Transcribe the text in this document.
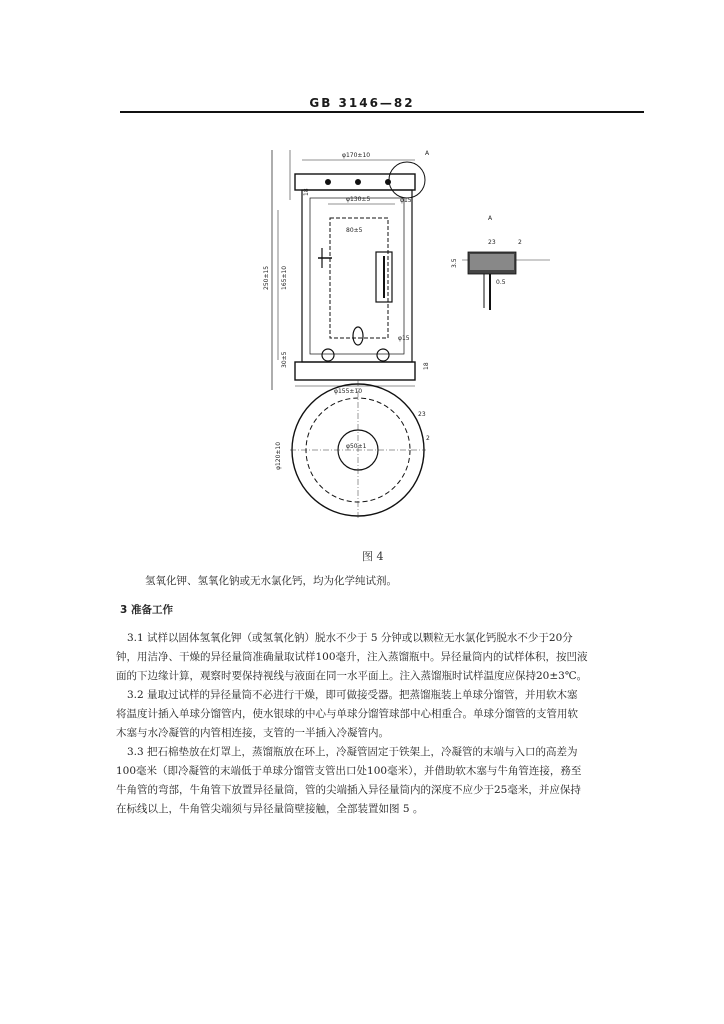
GB 3146—82
φ170±10	A
φ15
φ130±5
80±5
φ15
φ155±10
250±15 165±10
30±5
18
18
A
23	2
3.5
0.5
φ50±1
φ120±10
23
2
图 4
氢氧化钾、氢氧化钠或无水氯化钙，均为化学纯试剂。
3 准备工作
3.1 试样以固体氢氧化钾（或氢氧化钠）脱水不少于 5 分钟或以颗粒无水氯化钙脱水不少于20分
钟，用洁净、干燥的异径量筒准确量取试样100毫升，注入蒸馏瓶中。异径量筒内的试样体积，按凹液
面的下边缘计算，观察时要保持视线与液面在同一水平面上。注入蒸馏瓶时试样温度应保持20±3℃。
3.2 量取过试样的异径量筒不必进行干燥，即可做接受器。把蒸馏瓶装上单球分馏管，并用软木塞
将温度计插入单球分馏管内，使水银球的中心与单球分馏管球部中心相重合。单球分馏管的支管用软
木塞与水冷凝管的内管相连接，支管的一半插入冷凝管内。
3.3 把石棉垫放在灯罩上，蒸馏瓶放在环上，冷凝管固定于铁架上，冷凝管的末端与入口的高差为
100毫米（即冷凝管的末端低于单球分馏管支管出口处100毫米），并借助软木塞与牛角管连接，務至
牛角管的弯部，牛角管下放置异径量筒，管的尖端插入异径量筒内的深度不应少于25毫米，并应保持
在标线以上，牛角管尖端须与异径量筒壁接触，全部装置如图 5 。
